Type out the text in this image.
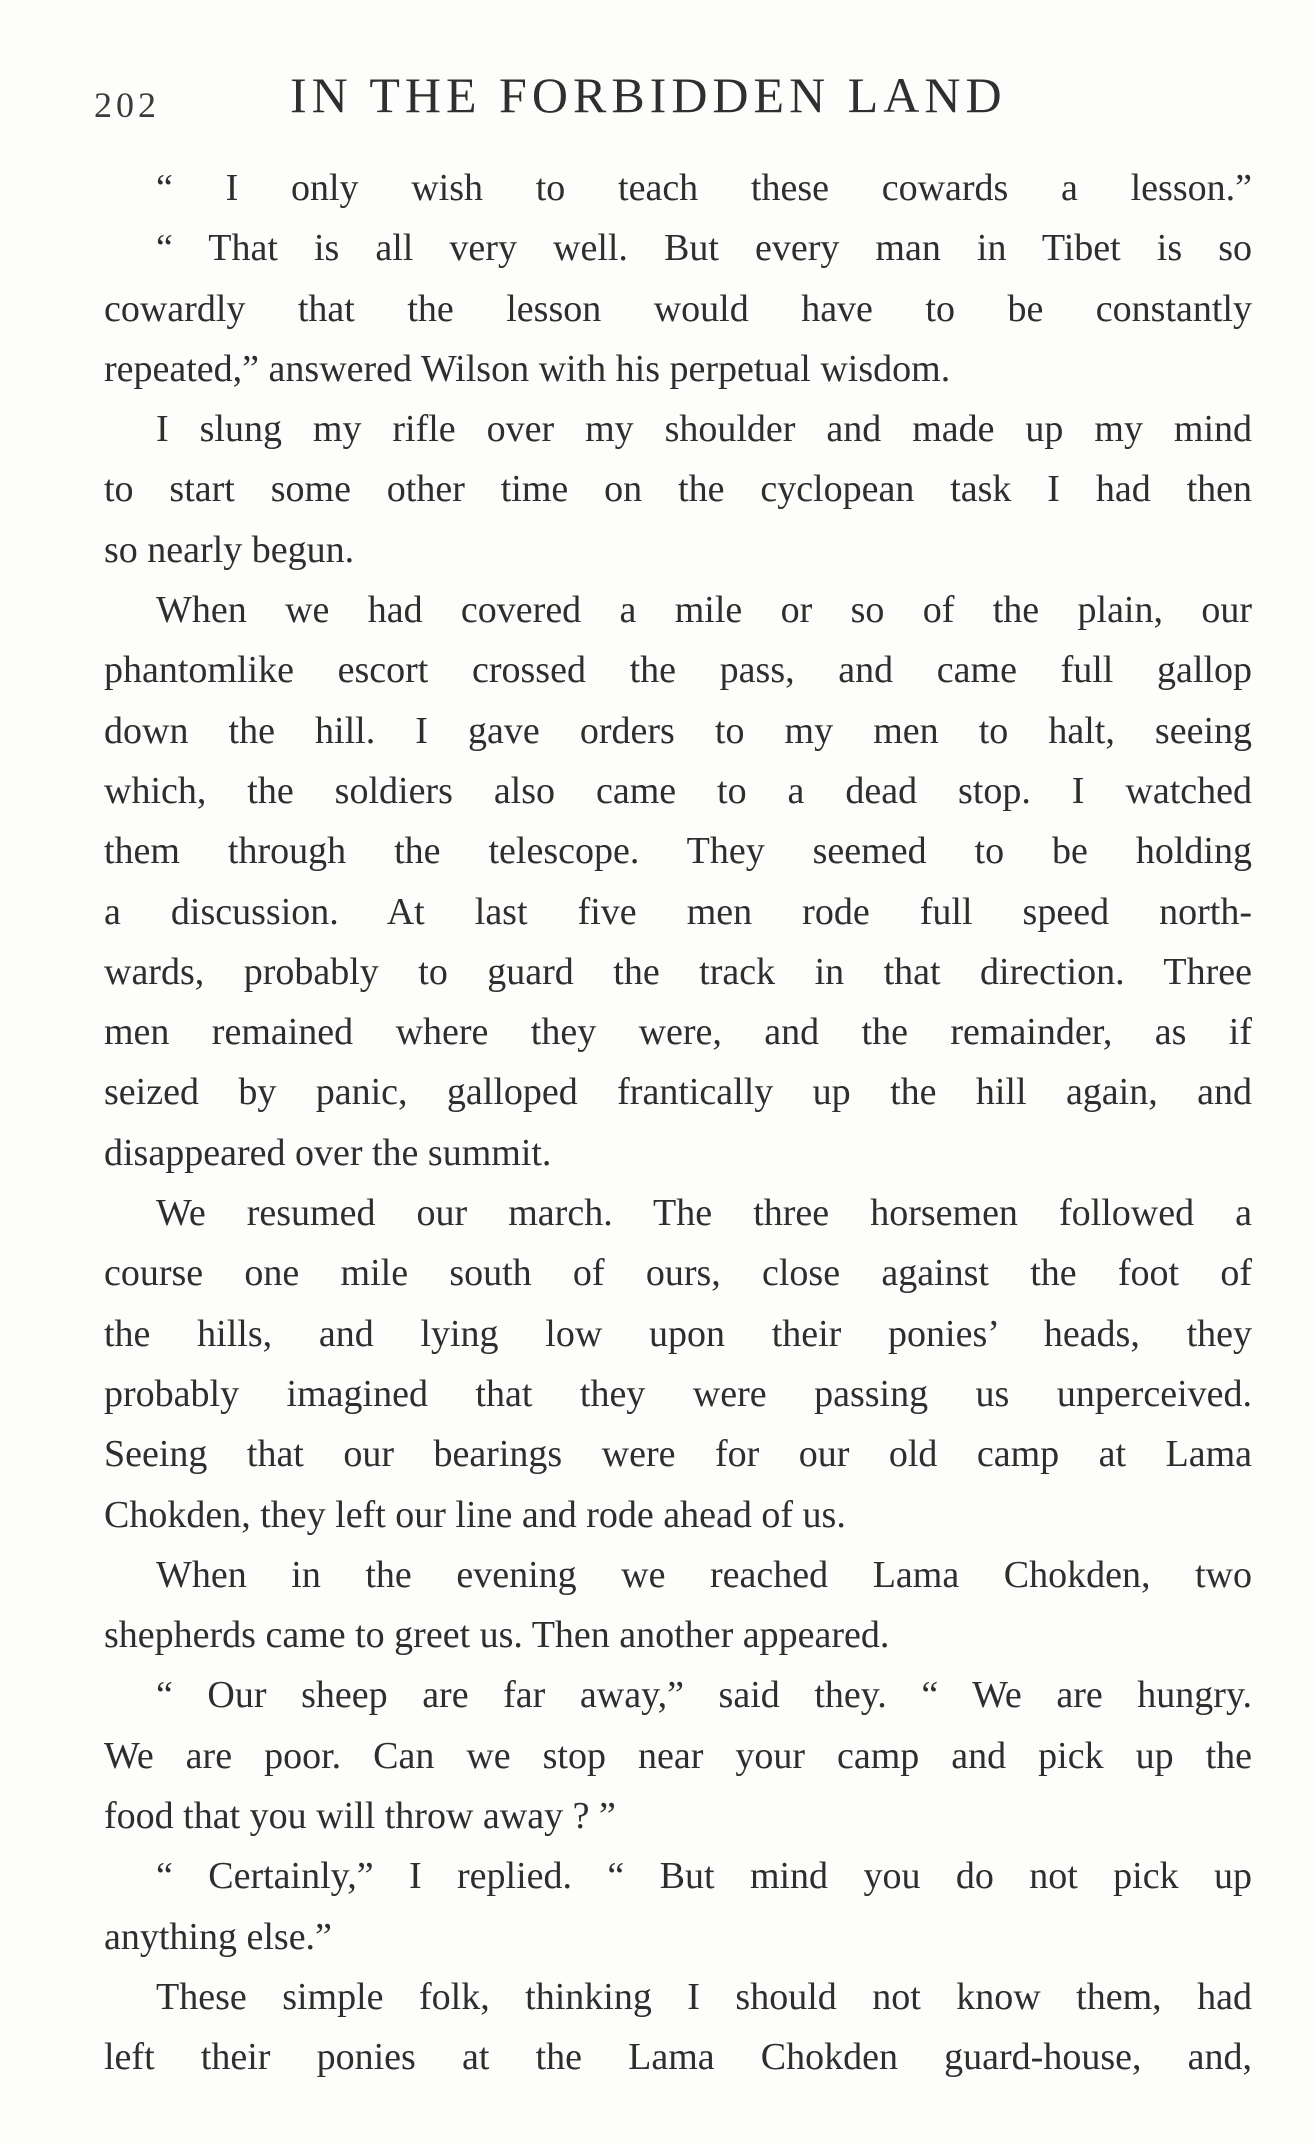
202	IN THE FORBIDDEN LAND
“ I only wish to teach these cowards a lesson.”
“ That is all very well. But every man in Tibet is so
cowardly that the lesson would have to be constantly
repeated,” answered Wilson with his perpetual wisdom.
I slung my rifle over my shoulder and made up my mind
to start some other time on the cyclopean task I had then
so nearly begun.
When we had covered a mile or so of the plain, our
phantomlike escort crossed the pass, and came full gallop
down the hill. I gave orders to my men to halt, seeing
which, the soldiers also came to a dead stop. I watched
them through the telescope. They seemed to be holding
a discussion. At last five men rode full speed north-
wards, probably to guard the track in that direction. Three
men remained where they were, and the remainder, as if
seized by panic, galloped frantically up the hill again, and
disappeared over the summit.
We resumed our march. The three horsemen followed a
course one mile south of ours, close against the foot of
the hills, and lying low upon their ponies’ heads, they
probably imagined that they were passing us unperceived.
Seeing that our bearings were for our old camp at Lama
Chokden, they left our line and rode ahead of us.
When in the evening we reached Lama Chokden, two
shepherds came to greet us. Then another appeared.
“ Our sheep are far away,” said they. “ We are hungry.
We are poor. Can we stop near your camp and pick up the
food that you will throw away ? ”
“ Certainly,” I replied. “ But mind you do not pick up
anything else.”
These simple folk, thinking I should not know them, had
left their ponies at the Lama Chokden guard-house, and,
